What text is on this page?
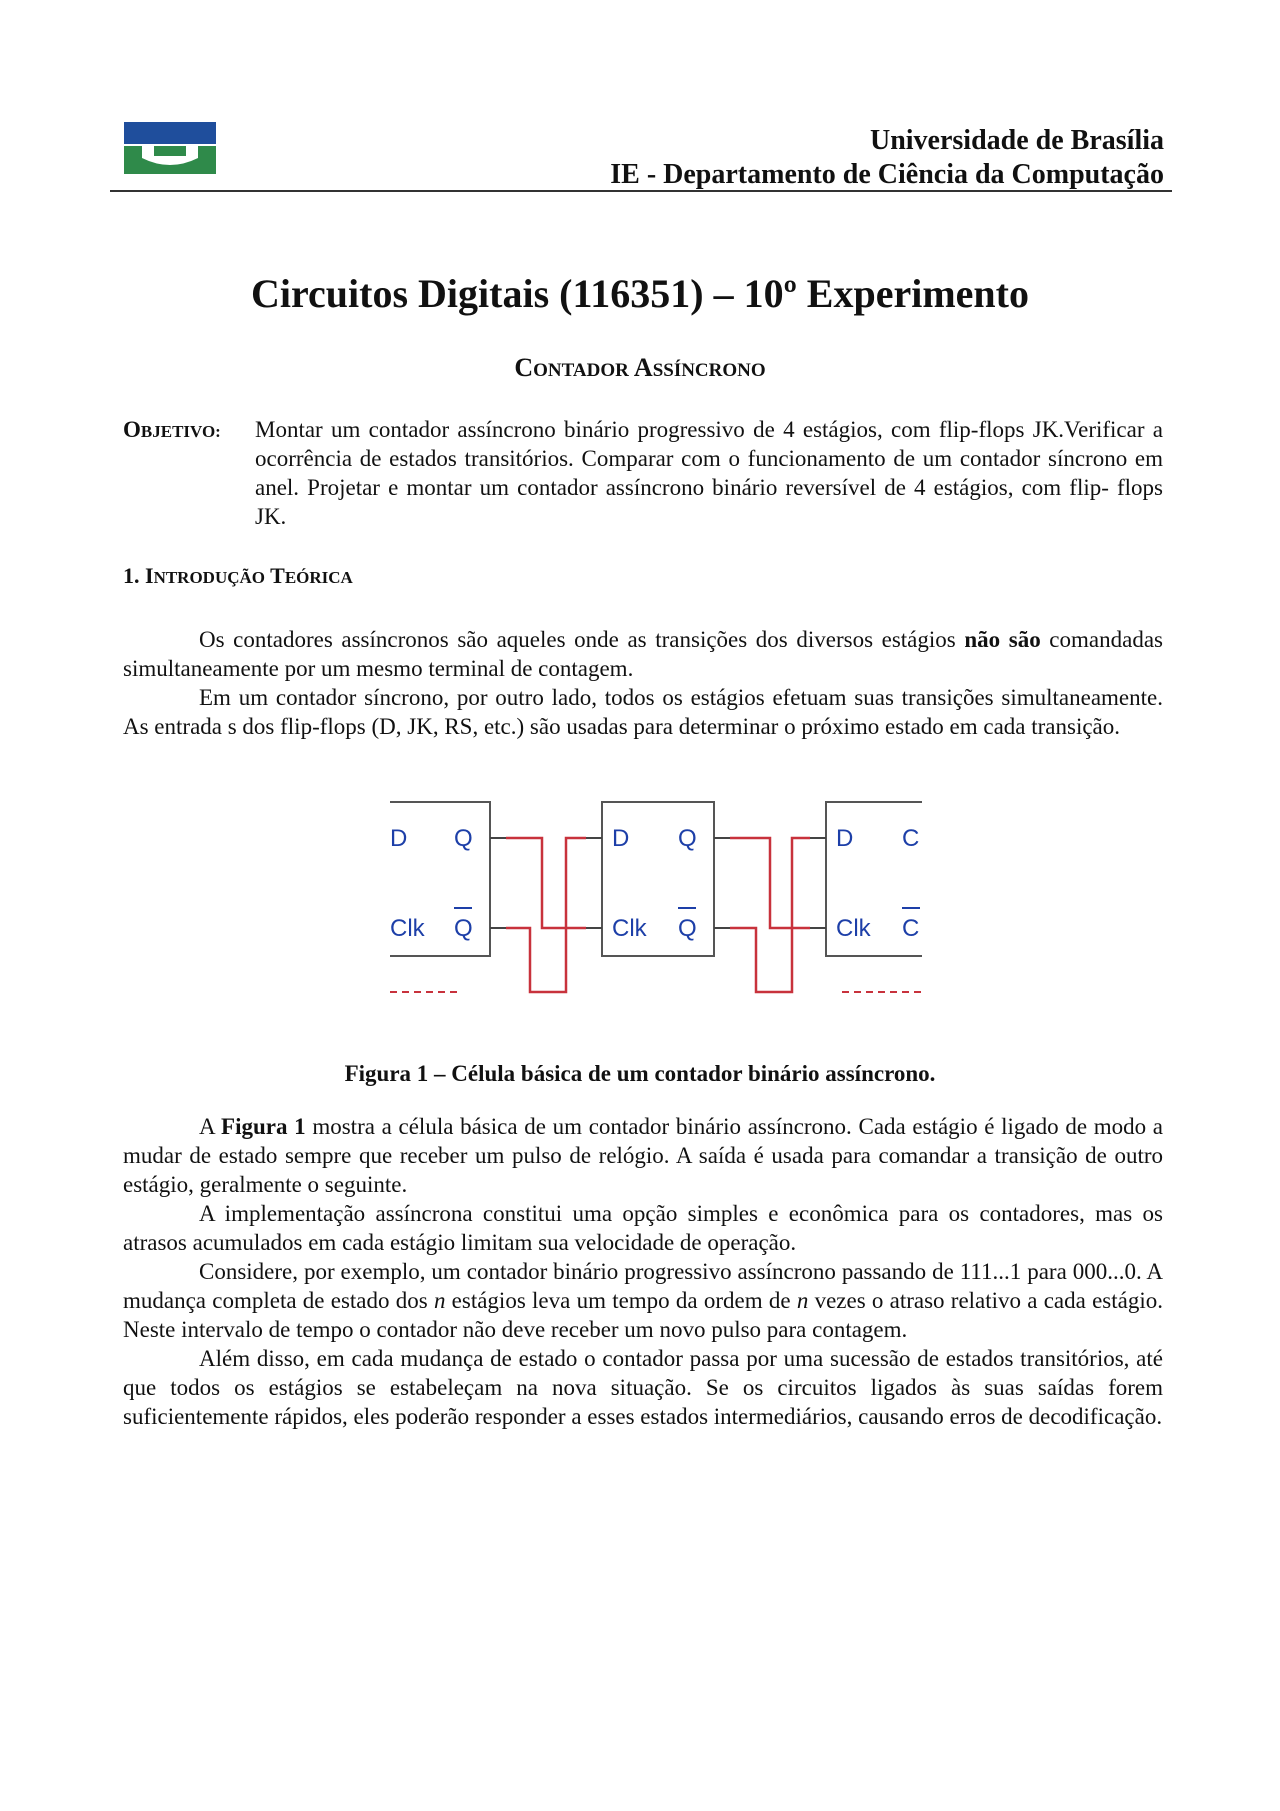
Universidade de Brasília
IE - Departamento de Ciência da Computação
Circuitos Digitais (116351) – 10º Experimento
CONTADOR ASSÍNCRONO
OBJETIVO: Montar um contador assíncrono binário progressivo de 4 estágios, com flip-flops JK.Verificar a ocorrência de estados transitórios. Comparar com o funcionamento de um contador síncrono em anel. Projetar e montar um contador assíncrono binário reversível de 4 estágios, com flip- flops JK.
1. INTRODUÇÃO TEÓRICA

Os contadores assíncronos são aqueles onde as transições dos diversos estágios não são comandadas simultaneamente por um mesmo terminal de contagem.

Em um contador síncrono, por outro lado, todos os estágios efetuam suas transições simultaneamente. As entrada s dos flip-flops (D, JK, RS, etc.) são usadas para determinar o próximo estado em cada transição.

D Q
Clk Q
D Q
Clk Q
D C
Clk C
Figura 1 – Célula básica de um contador binário assíncrono.

A Figura 1 mostra a célula básica de um contador binário assíncrono. Cada estágio é ligado de modo a mudar de estado sempre que receber um pulso de relógio. A saída é usada para comandar a transição de outro estágio, geralmente o seguinte.

A implementação assíncrona constitui uma opção simples e econômica para os contadores, mas os atrasos acumulados em cada estágio limitam sua velocidade de operação.

Considere, por exemplo, um contador binário progressivo assíncrono passando de 111...1 para 000...0. A mudança completa de estado dos n estágios leva um tempo da ordem de n vezes o atraso relativo a cada estágio. Neste intervalo de tempo o contador não deve receber um novo pulso para contagem.

Além disso, em cada mudança de estado o contador passa por uma sucessão de estados transitórios, até que todos os estágios se estabeleçam na nova situação. Se os circuitos ligados às suas saídas forem suficientemente rápidos, eles poderão responder a esses estados intermediários, causando erros de decodificação.
